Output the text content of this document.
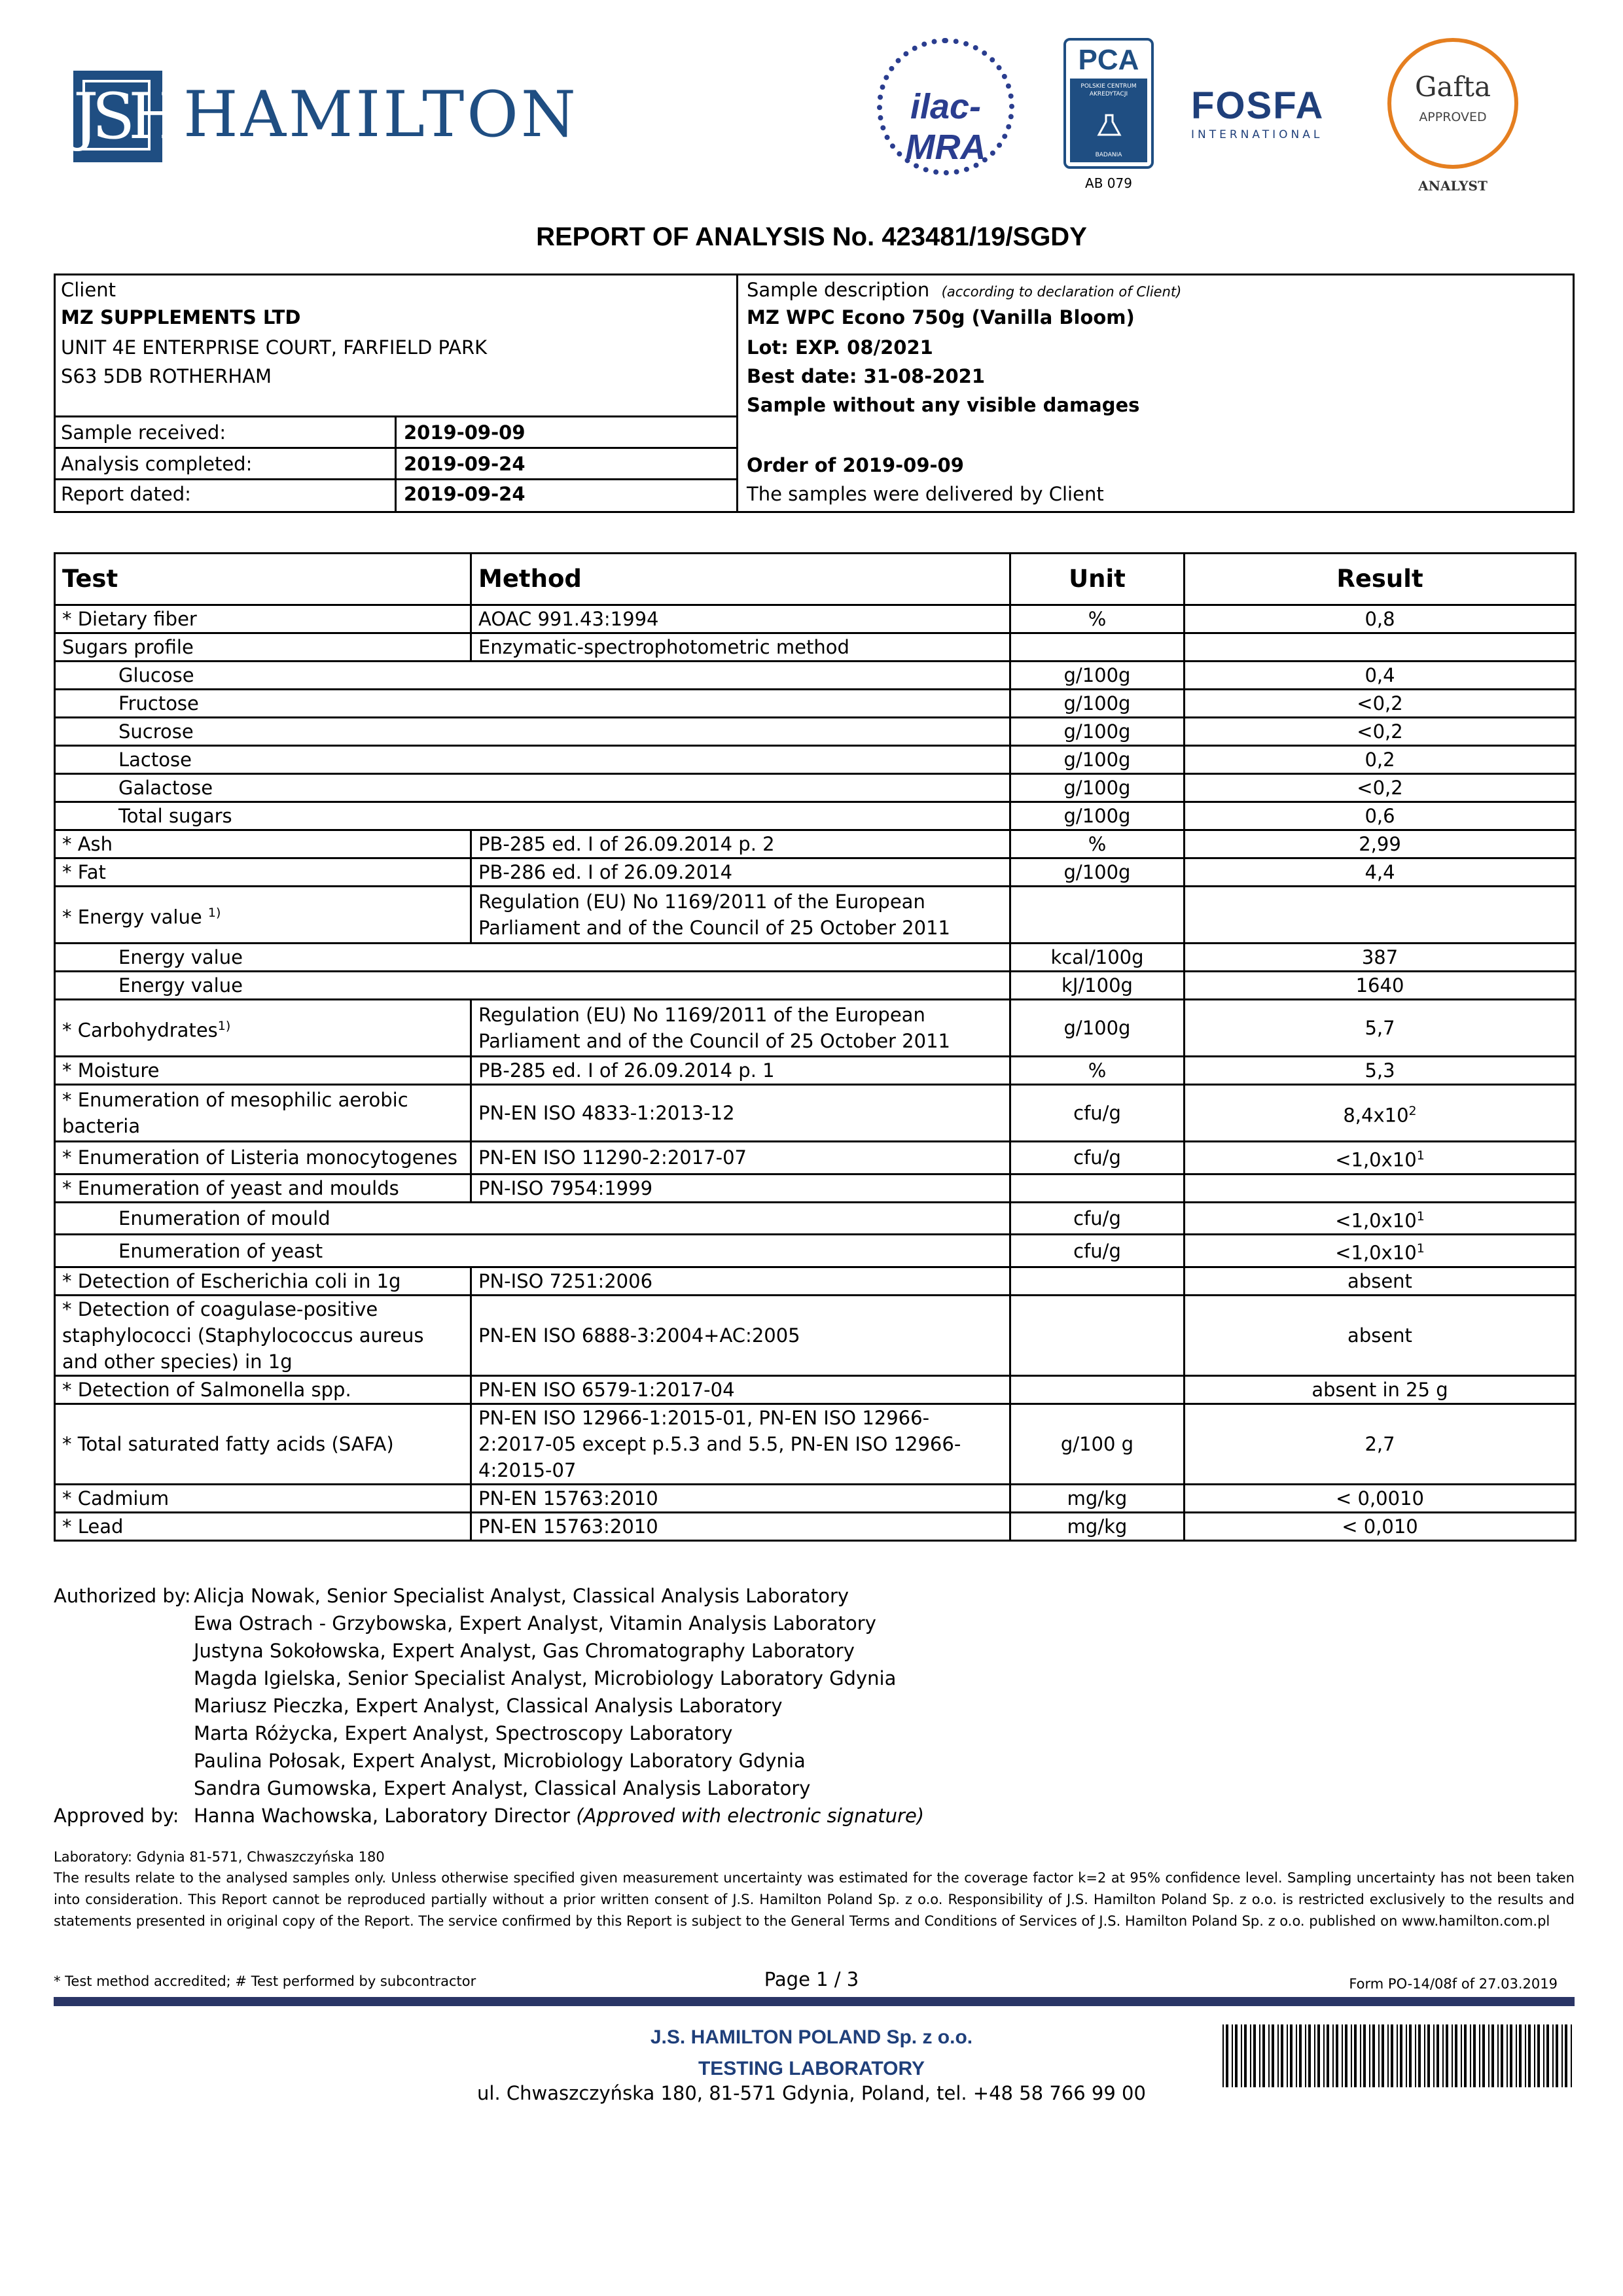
JSH HAMILTON	ilac-MRA
PCA
POLSKIE CENTRUM AKREDYTACJI
BADANIA
AB 079
FOSFA
INTERNATIONAL
Gafta
APPROVED
ANALYST
REPORT OF ANALYSIS No. 423481/19/SGDY
Client
MZ SUPPLEMENTS LTD
UNIT 4E ENTERPRISE COURT, FARFIELD PARK
S63 5DB ROTHERHAM
Sample received:	2019-09-09
Analysis completed:	2019-09-24
Report dated:	2019-09-24
Sample description (according to declaration of Client)
MZ WPC Econo 750g (Vanilla Bloom)
Lot: EXP. 08/2021
Best date: 31-08-2021
Sample without any visible damages
Order of 2019-09-09
The samples were delivered by Client
Test	Method	Unit	Result
* Dietary fiber	AOAC 991.43:1994	%	0,8
Sugars profile	Enzymatic-spectrophotometric method		
Glucose		g/100g	0,4
Fructose		g/100g	<0,2
Sucrose		g/100g	<0,2
Lactose		g/100g	0,2
Galactose		g/100g	<0,2
Total sugars		g/100g	0,6
* Ash	PB-285 ed. I of 26.09.2014 p. 2	%	2,99
* Fat	PB-286 ed. I of 26.09.2014	g/100g	4,4
* Energy value $^{1)}$	Regulation (EU) No 1169/2011 of the European Parliament and of the Council of 25 October 2011		
Energy value		kcal/100g	387
Energy value		kJ/100g	1640
* Carbohydrates$^{1)}$	Regulation (EU) No 1169/2011 of the European Parliament and of the Council of 25 October 2011	g/100g	5,7
* Moisture	PB-285 ed. I of 26.09.2014 p. 1	%	5,3
* Enumeration of mesophilic aerobic bacteria	PN-EN ISO 4833-1:2013-12	cfu/g	$8,4x10^2$
* Enumeration of Listeria monocytogenes	PN-EN ISO 11290-2:2017-07	cfu/g	$<1,0x10^1$
* Enumeration of yeast and moulds	PN-ISO 7954:1999		
Enumeration of mould		cfu/g	$<1,0x10^1$
Enumeration of yeast		cfu/g	$<1,0x10^1$
* Detection of Escherichia coli in 1g	PN-ISO 7251:2006		absent
* Detection of coagulase-positive staphylococci (Staphylococcus aureus and other species) in 1g	PN-EN ISO 6888-3:2004+AC:2005		absent
* Detection of Salmonella spp.	PN-EN ISO 6579-1:2017-04		absent in 25 g
* Total saturated fatty acids (SAFA)	PN-EN ISO 12966-1:2015-01, PN-EN ISO 12966-2:2017-05 except p.5.3 and 5.5, PN-EN ISO 12966-4:2015-07	g/100 g	2,7
* Cadmium	PN-EN 15763:2010	mg/kg	< 0,0010
* Lead	PN-EN 15763:2010	mg/kg	< 0,010
Authorized by: Alicja Nowak, Senior Specialist Analyst, Classical Analysis Laboratory
Ewa Ostrach - Grzybowska, Expert Analyst, Vitamin Analysis Laboratory
Justyna Sokołowska, Expert Analyst, Gas Chromatography Laboratory
Magda Igielska, Senior Specialist Analyst, Microbiology Laboratory Gdynia
Mariusz Pieczka, Expert Analyst, Classical Analysis Laboratory
Marta Różycka, Expert Analyst, Spectroscopy Laboratory
Paulina Połosak, Expert Analyst, Microbiology Laboratory Gdynia
Sandra Gumowska, Expert Analyst, Classical Analysis Laboratory
Approved by: Hanna Wachowska, Laboratory Director (Approved with electronic signature)
Laboratory: Gdynia 81-571, Chwaszczyńska 180
The results relate to the analysed samples only. Unless otherwise specified given measurement uncertainty was estimated for the coverage factor k=2 at 95% confidence level. Sampling uncertainty has not been taken into consideration. This Report cannot be reproduced partially without a prior written consent of J.S. Hamilton Poland Sp. z o.o. Responsibility of J.S. Hamilton Poland Sp. z o.o. is restricted exclusively to the results and statements presented in original copy of the Report. The service confirmed by this Report is subject to the General Terms and Conditions of Services of J.S. Hamilton Poland Sp. z o.o. published on www.hamilton.com.pl
* Test method accredited; # Test performed by subcontractor	Page 1 / 3	Form PO-14/08f of 27.03.2019
J.S. HAMILTON POLAND Sp. z o.o.
TESTING LABORATORY
ul. Chwaszczyńska 180, 81-571 Gdynia, Poland, tel. +48 58 766 99 00
